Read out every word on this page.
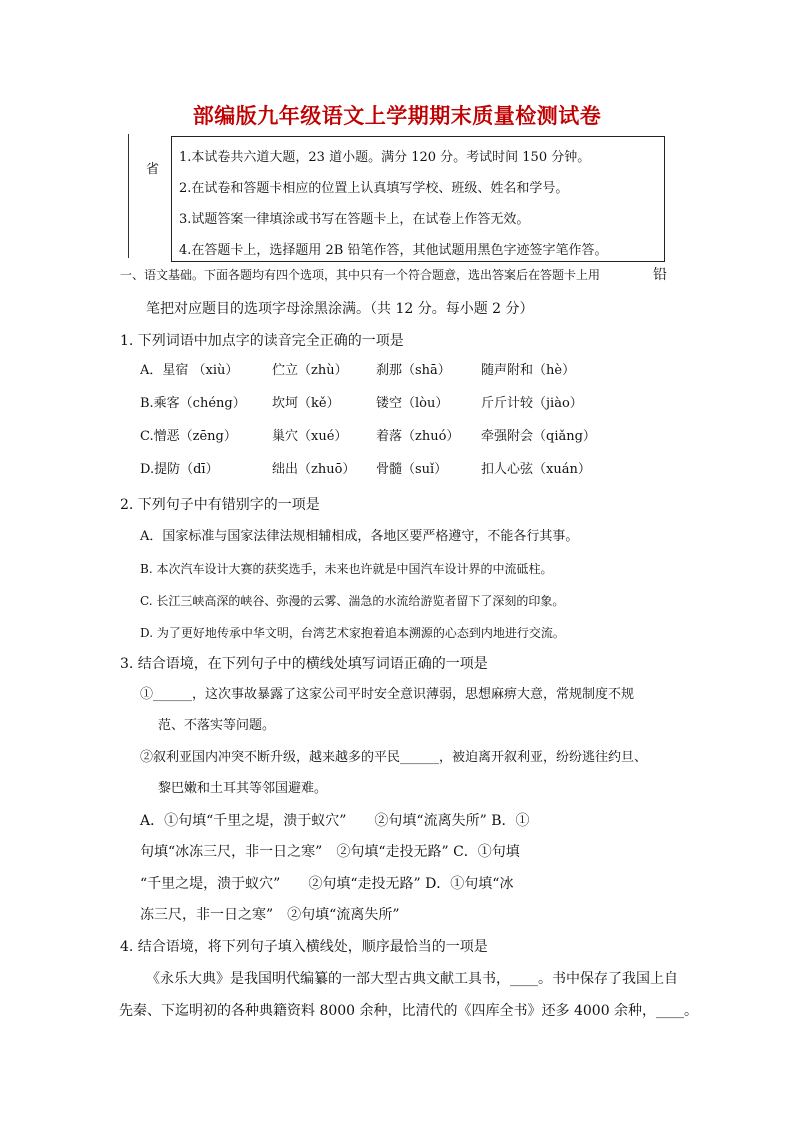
部编版九年级语文上学期期末质量检测试卷
省
1.本试卷共六道大题，23 道小题。满分 120 分。考试时间 150 分钟。
2.在试卷和答题卡相应的位置上认真填写学校、班级、姓名和学号。
3.试题答案一律填涂或书写在答题卡上，在试卷上作答无效。
4.在答题卡上，选择题用 2B 铅笔作答，其他试题用黑色字迹签字笔作答。
一、语文基础。下面各题均有四个选项，其中只有一个符合题意，选出答案后在答题卡上用	铅
笔把对应题目的选项字母涂黑涂满。（共 12 分。每小题 2 分）
1. 下列词语中加点字的读音完全正确的一项是
A．星宿 （xiù）	伫立（zhù） 刹那（shā） 随声附和（hè）
B.乘客（chéng） 坎坷（kě）	镂空（lòu）	斤斤计较（jiào）
C.憎恶（zēng）	巢穴（xué） 着落（zhuó） 牵强附会（qiǎng）
D.提防（dī）	绌出（zhuō） 骨髓（suǐ）	扣人心弦（xuán）
2. 下列句子中有错别字的一项是
A．国家标准与国家法律法规相辅相成，各地区要严格遵守，不能各行其事。
B. 本次汽车设计大赛的获奖选手，未来也许就是中国汽车设计界的中流砥柱。
C. 长江三峡高深的峡谷、弥漫的云雾、湍急的水流给游览者留下了深刻的印象。
D. 为了更好地传承中华文明，台湾艺术家抱着追本溯源的心态到内地进行交流。
3. 结合语境，在下列句子中的横线处填写词语正确的一项是
①______，这次事故暴露了这家公司平时安全意识薄弱，思想麻痹大意，常规制度不规
范、不落实等问题。
②叙利亚国内冲突不断升级，越来越多的平民______，被迫离开叙利亚，纷纷逃往约旦、
黎巴嫩和土耳其等邻国避难。
A．①句填“千里之堤，溃于蚁穴”　　②句填“流离失所” B．①
句填“冰冻三尺，非一日之寒”　②句填“走投无路” C．①句填
“千里之堤，溃于蚁穴”　　②句填“走投无路” D．①句填“冰
冻三尺，非一日之寒”　②句填“流离失所”
4. 结合语境，将下列句子填入横线处，顺序最恰当的一项是
《永乐大典》是我国明代编纂的一部大型古典文献工具书，____。书中保存了我国上自
先秦、下迄明初的各种典籍资料 8000 余种，比清代的《四库全书》还多 4000 余种，____。
